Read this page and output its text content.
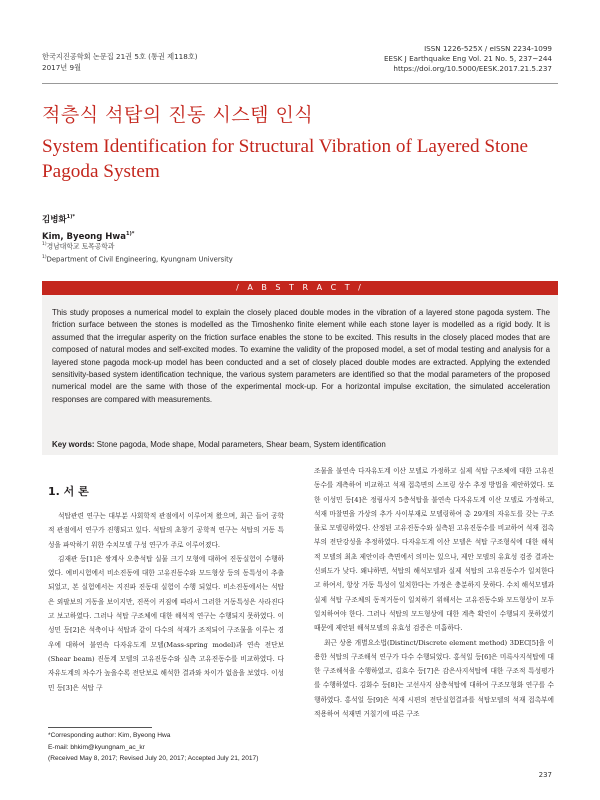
한국지진공학회 논문집 21권 5호 (통권 제118호)
2017년 9월
ISSN 1226-525X / eISSN 2234-1099
EESK J Earthquake Eng Vol. 21 No. 5, 237~244
https://doi.org/10.5000/EESK.2017.21.5.237
적층식 석탑의 진동 시스템 인식
System Identification for Structural Vibration of Layered Stone Pagoda System
김병화$^{1)*}$
Kim, Byeong Hwa$^{1)*}$
$^{1)}$경남대학교 토목공학과
$^{1)}$Department of Civil Engineering, Kyungnam University
/ A B S T R A C T /
This study proposes a numerical model to explain the closely placed double modes in the vibration of a layered stone pagoda system. The friction surface between the stones is modelled as the Timoshenko finite element while each stone layer is modelled as a rigid body. It is assumed that the irregular asperity on the friction surface enables the stone to be excited. This results in the closely placed modes that are composed of natural modes and self-excited modes. To examine the validity of the proposed model, a set of modal testing and analysis for a layered stone pagoda mock-up model has been conducted and a set of closely placed double modes are extracted. Applying the extended sensitivity-based system identification technique, the various system parameters are identified so that the modal parameters of the proposed numerical model are the same with those of the experimental mock-up. For a horizontal impulse excitation, the simulated acceleration responses are compared with measurements.
Key words: Stone pagoda, Mode shape, Modal parameters, Shear beam, System identification
1. 서 론

석탑관련 연구는 대부분 사회학적 관점에서 이루어져 왔으며, 최근 들어 공학적 관점에서 연구가 진행되고 있다. 석탑의 초창기 공학적 연구는 석탑의 거동 특성을 파악하기 위한 수치모델 구성 연구가 주로 이루어졌다.

김재관 등[1]은 쌍계사 오층석탑 실물 크기 모형에 대하여 진동실험이 수행하였다. 예비시험에서 비소진동에 대한 고유진동수와 모드형상 등의 동특성이 추출되었고, 본 실험에서는 지진파 진동대 실험이 수행 되었다. 비소진동에서는 석탑은 외팔보의 거동을 보이지만, 진폭이 커짐에 따라서 그러한 거동특성은 사라진다고 보고하였다. 그러나 석탑 구조체에 대한 해석적 연구는 수행되지 못하였다. 이성민 등[2]은 석축이나 석탑과 같이 다수의 석재가 조적되어 구조물을 이루는 경우에 대하여 불연속 다자유도계 모델(Mass-spring model)과 연속 전단보(Shear beam) 진동계 모델의 고유진동수와 실측 고유진동수를 비교하였다. 다자유도계의 차수가 높을수록 전단보로 해석한 결과와 차이가 없음을 보였다. 이성민 등[3]은 석탑 구

조물을 불연속 다자유도계 이산 모델로 가정하고 실제 석탑 구조체에 대한 고유진동수를 계측하여 비교하고 석재 접촉면의 스프링 상수 추정 방법을 제안하였다. 또한 이성민 등[4]은 정림사지 5층석탑을 불연속 다자유도계 이산 모델로 가정하고, 석재 마찰면을 가상의 추가 사이부재로 모델링하여 총 29개의 자유도를 갖는 구조물로 모델링하였다. 산정된 고유진동수와 실측된 고유진동수를 비교하여 석재 접촉부의 전단강성을 추정하였다. 다자유도계 이산 모델은 석탑 구조형식에 대한 해석적 모델의 최초 제안이라 측면에서 의미는 있으나, 제안 모델의 유효성 검증 결과는 신뢰도가 낮다. 왜냐하면, 석탑의 해석모델과 실제 석탑의 고유진동수가 일치한다고 하여서, 항상 거동 특성이 일치한다는 가정은 충분하지 못하다. 수치 해석모델과 실제 석탑 구조체의 동적거동이 일치하기 위해서는 고유진동수와 모드형상이 모두 일치하여야 한다. 그러나 석탑의 모드형상에 대한 계측 확인이 수행되지 못하였기 때문에 제안된 해석모델의 유효성 검증은 미흡하다.

최근 상용 개별요소법(Distinct/Discrete element method) 3DEC[5]을 이용한 석탑의 구조해석 연구가 다수 수행되었다. 홍석일 등[6]은 미륵사지석탑에 대한 구조해석을 수행하였고, 김효수 등[7]은 감은사지석탑에 대한 구조적 특성평가를 수행하였다. 김화수 등[8]는 고선사지 삼층석탑에 대하여 구조모형화 연구를 수행하였다. 홍석일 등[9]은 석재 시편의 전단실험결과를 석탑모델의 석재 접촉부에 적용하여 석재면 거칠기에 따른 구조

*Corresponding author: Kim, Byeong Hwa
E-mail: bhkim@kyungnam_ac_kr
(Received May 8, 2017; Revised July 20, 2017; Accepted July 21, 2017)
237
